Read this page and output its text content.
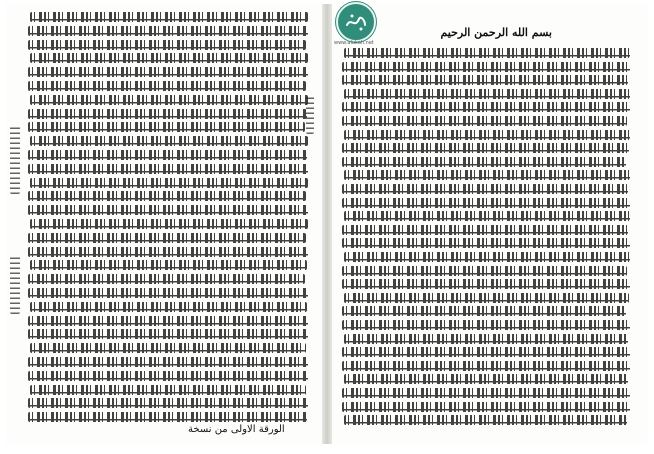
بسم الله الرحمن الرحيم
www.alukah.net
الورقة الاولى من نسخة
